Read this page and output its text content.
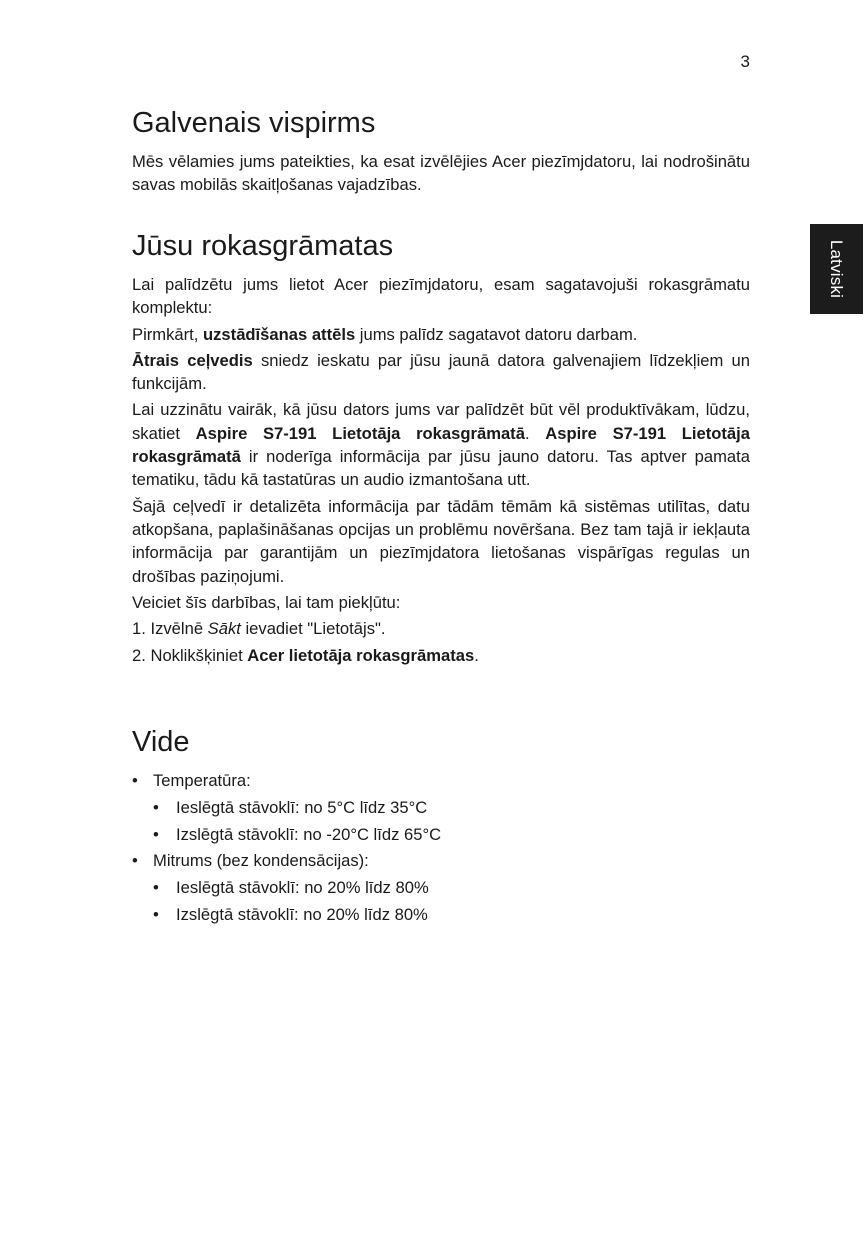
3
Latviski
Galvenais vispirms

Mēs vēlamies jums pateikties, ka esat izvēlējies Acer piezīmjdatoru, lai nodrošinātu savas mobilās skaitļošanas vajadzības.

Jūsu rokasgrāmatas

Lai palīdzētu jums lietot Acer piezīmjdatoru, esam sagatavojuši rokasgrāmatu komplektu:

Pirmkārt, uzstādīšanas attēls jums palīdz sagatavot datoru darbam.

Ātrais ceļvedis sniedz ieskatu par jūsu jaunā datora galvenajiem līdzekļiem un funkcijām.

Lai uzzinātu vairāk, kā jūsu dators jums var palīdzēt būt vēl produktīvākam, lūdzu, skatiet Aspire S7-191 Lietotāja rokasgrāmatā. Aspire S7-191 Lietotāja rokasgrāmatā ir noderīga informācija par jūsu jauno datoru. Tas aptver pamata tematiku, tādu kā tastatūras un audio izmantošana utt.

Šajā ceļvedī ir detalizēta informācija par tādām tēmām kā sistēmas utilītas, datu atkopšana, paplašināšanas opcijas un problēmu novēršana. Bez tam tajā ir iekļauta informācija par garantijām un piezīmjdatora lietošanas vispārīgas regulas un drošības paziņojumi.

Veiciet šīs darbības, lai tam piekļūtu:

1. Izvēlnē Sākt ievadiet "Lietotājs".
2. Noklikšķiniet Acer lietotāja rokasgrāmatas.
Vide
• Temperatūra:
• Ieslēgtā stāvoklī: no 5°C līdz 35°C
• Izslēgtā stāvoklī: no -20°C līdz 65°C
• Mitrums (bez kondensācijas):
• Ieslēgtā stāvoklī: no 20% līdz 80%
• Izslēgtā stāvoklī: no 20% līdz 80%
